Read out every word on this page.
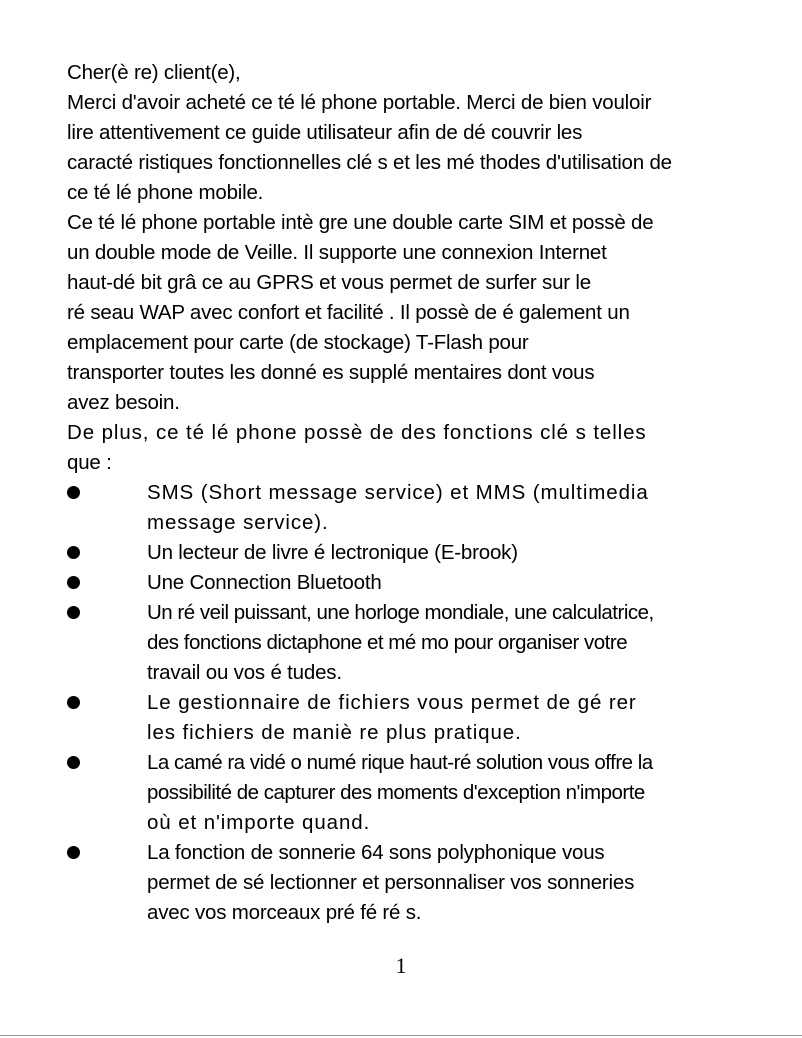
Cher(è re) client(e),
Merci d'avoir acheté ce té lé phone portable. Merci de bien vouloir
lire attentivement ce guide utilisateur afin de dé couvrir les
caracté ristiques fonctionnelles clé s et les mé thodes d'utilisation de
ce té lé phone mobile.
Ce té lé phone portable intè gre une double carte SIM et possè de
un double mode de Veille. Il supporte une connexion Internet
haut-dé bit grâ ce au GPRS et vous permet de surfer sur le
ré seau WAP avec confort et facilité . Il possè de é galement un
emplacement pour carte (de stockage) T-Flash pour
transporter toutes les donné es supplé mentaires dont vous
avez besoin.
De plus, ce té lé phone possè de des fonctions clé s telles
que :
SMS (Short message service) et MMS (multimedia
message service).
Un lecteur de livre é lectronique (E-brook)
Une Connection Bluetooth
Un ré veil puissant, une horloge mondiale, une calculatrice,
des fonctions dictaphone et mé mo pour organiser votre
travail ou vos é tudes.
Le gestionnaire de fichiers vous permet de gé rer
les fichiers de maniè re plus pratique.
La camé ra vidé o numé rique haut-ré solution vous offre la
possibilité de capturer des moments d'exception n'importe
où et n'importe quand.
La fonction de sonnerie 64 sons polyphonique vous
permet de sé lectionner et personnaliser vos sonneries
avec vos morceaux pré fé ré s.
1
